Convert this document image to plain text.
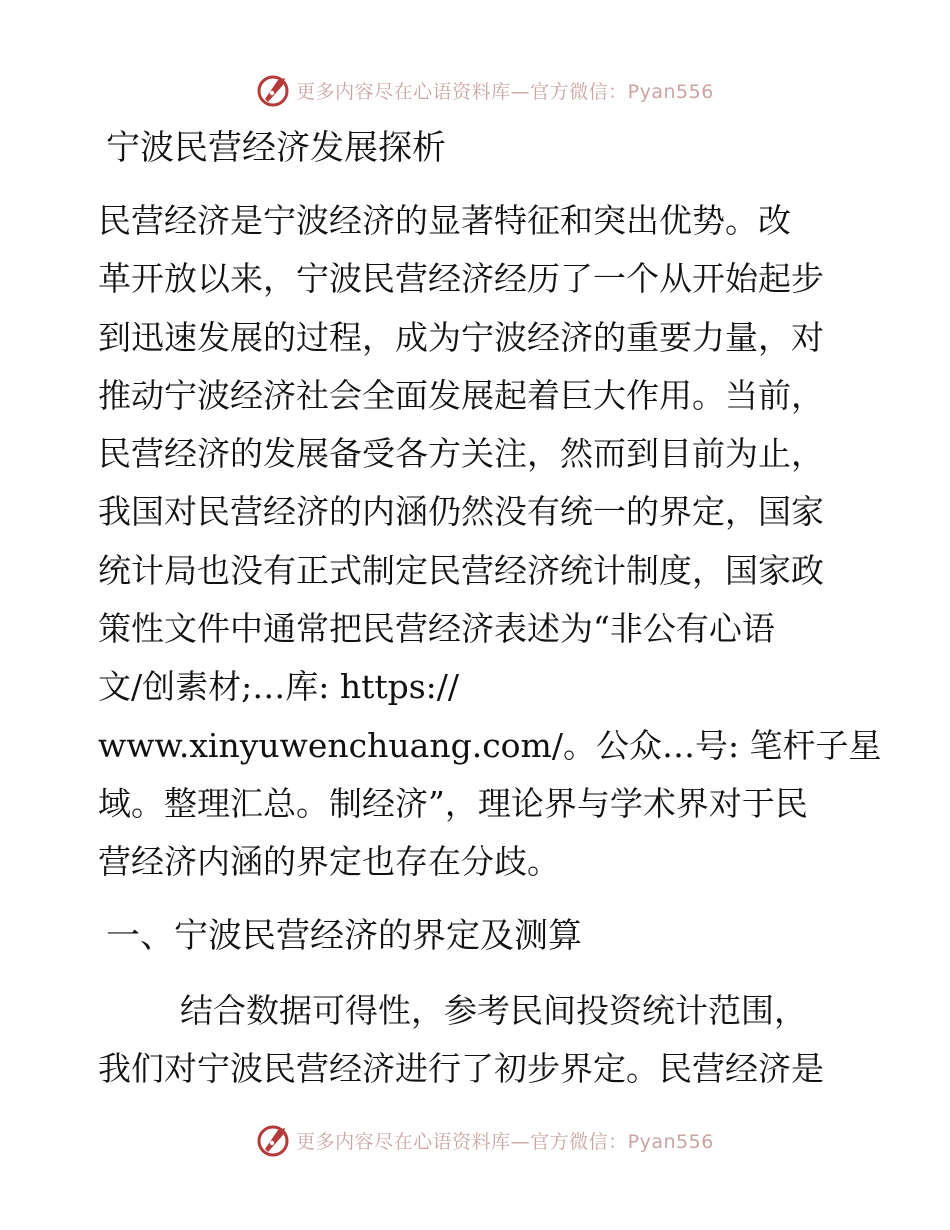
更多内容尽在心语资料库—官方微信：Pyan556
宁波民营经济发展探析
民营经济是宁波经济的显著特征和突出优势。改
革开放以来，宁波民营经济经历了一个从开始起步
到迅速发展的过程，成为宁波经济的重要力量，对
推动宁波经济社会全面发展起着巨大作用。当前，
民营经济的发展备受各方关注，然而到目前为止，
我国对民营经济的内涵仍然没有统一的界定，国家
统计局也没有正式制定民营经济统计制度，国家政
策性文件中通常把民营经济表述为“非公有心语
文/创素材;…库: https://
www.xinyuwenchuang.com/。公众…号: 笔杆子星
域。整理汇总。制经济”，理论界与学术界对于民
营经济内涵的界定也存在分歧。
一、宁波民营经济的界定及测算
结合数据可得性，参考民间投资统计范围，
我们对宁波民营经济进行了初步界定。民营经济是
更多内容尽在心语资料库—官方微信：Pyan556
